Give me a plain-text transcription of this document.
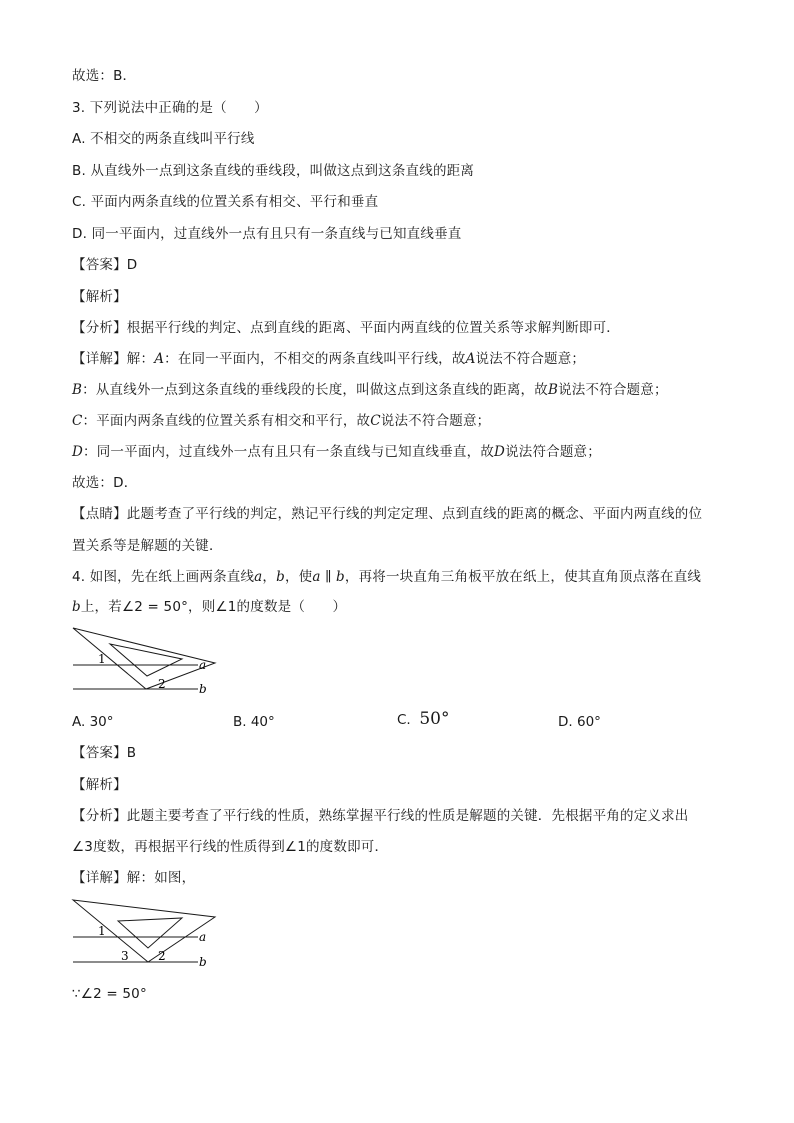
故选：B．
3. 下列说法中正确的是（　　）
A. 不相交的两条直线叫平行线
B. 从直线外一点到这条直线的垂线段，叫做这点到这条直线的距离
C. 平面内两条直线的位置关系有相交、平行和垂直
D. 同一平面内，过直线外一点有且只有一条直线与已知直线垂直
【答案】D
【解析】
【分析】根据平行线的判定、点到直线的距离、平面内两直线的位置关系等求解判断即可．
【详解】解：A：在同一平面内，不相交的两条直线叫平行线，故A说法不符合题意；
B：从直线外一点到这条直线的垂线段的长度，叫做这点到这条直线的距离，故B说法不符合题意；
C：平面内两条直线的位置关系有相交和平行，故C说法不符合题意；
D：同一平面内，过直线外一点有且只有一条直线与已知直线垂直，故D说法符合题意；
故选：D．
【点睛】此题考查了平行线的判定，熟记平行线的判定定理、点到直线的距离的概念、平面内两直线的位
置关系等是解题的关键．
4. 如图，先在纸上画两条直线a，b，使a ∥ b，再将一块直角三角板平放在纸上，使其直角顶点落在直线
b上，若∠2 = 50°，则∠1的度数是（　　）
1
2
a
b
A. 30°	B. 40°	C. 50°	D. 60°
【答案】B
【解析】
【分析】此题主要考查了平行线的性质，熟练掌握平行线的性质是解题的关键．先根据平角的定义求出
∠3度数，再根据平行线的性质得到∠1的度数即可．
【详解】解：如图，
1
3 2
a
b
∵∠2 = 50°
